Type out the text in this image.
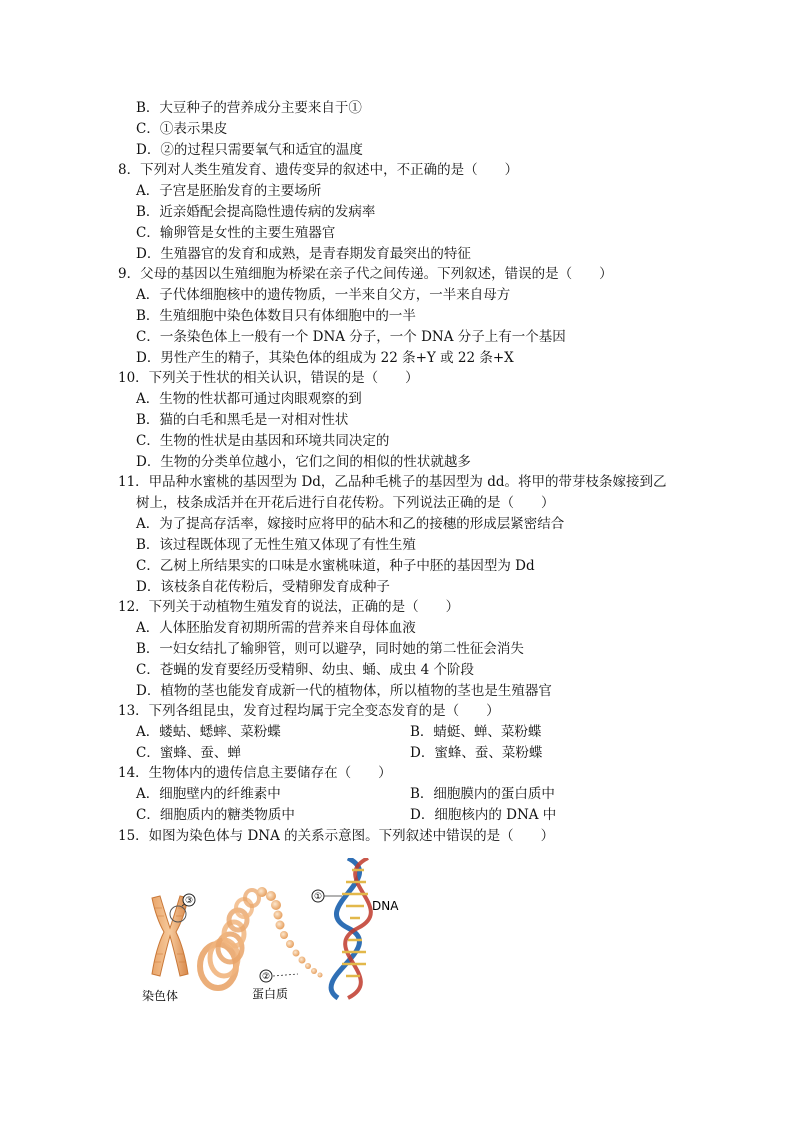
B．大豆种子的营养成分主要来自于①
C．①表示果皮
D．②的过程只需要氧气和适宜的温度
8．下列对人类生殖发育、遗传变异的叙述中，不正确的是（　　）
A．子宫是胚胎发育的主要场所
B．近亲婚配会提高隐性遗传病的发病率
C．输卵管是女性的主要生殖器官
D．生殖器官的发育和成熟，是青春期发育最突出的特征
9．父母的基因以生殖细胞为桥梁在亲子代之间传递。下列叙述，错误的是（　　）
A．子代体细胞核中的遗传物质，一半来自父方，一半来自母方
B．生殖细胞中染色体数目只有体细胞中的一半
C．一条染色体上一般有一个 DNA 分子，一个 DNA 分子上有一个基因
D．男性产生的精子，其染色体的组成为 22 条+Y 或 22 条+X
10．下列关于性状的相关认识，错误的是（　　）
A．生物的性状都可通过肉眼观察的到
B．猫的白毛和黑毛是一对相对性状
C．生物的性状是由基因和环境共同决定的
D．生物的分类单位越小，它们之间的相似的性状就越多
11．甲品种水蜜桃的基因型为 Dd，乙品种毛桃子的基因型为 dd。将甲的带芽枝条嫁接到乙
树上，枝条成活并在开花后进行自花传粉。下列说法正确的是（　　）
A．为了提高存活率，嫁接时应将甲的砧木和乙的接穗的形成层紧密结合
B．该过程既体现了无性生殖又体现了有性生殖
C．乙树上所结果实的口味是水蜜桃味道，种子中胚的基因型为 Dd
D．该枝条自花传粉后，受精卵发育成种子
12．下列关于动植物生殖发育的说法，正确的是（　　）
A．人体胚胎发育初期所需的营养来自母体血液
B．一妇女结扎了输卵管，则可以避孕，同时她的第二性征会消失
C．苍蝇的发育要经历受精卵、幼虫、蛹、成虫 4 个阶段
D．植物的茎也能发育成新一代的植物体，所以植物的茎也是生殖器官
13．下列各组昆虫，发育过程均属于完全变态发育的是（　　）
A．蝼蛄、蟋蟀、菜粉蝶	B．蜻蜓、蝉、菜粉蝶
C．蜜蜂、蚕、蝉	D．蜜蜂、蚕、菜粉蝶
14．生物体内的遗传信息主要储存在（　　）
A．细胞壁内的纤维素中	B．细胞膜内的蛋白质中
C．细胞质内的糖类物质中	D．细胞核内的 DNA 中
15．如图为染色体与 DNA 的关系示意图。下列叙述中错误的是（　　）
③	①
DNA
②
蛋白质
染色体
